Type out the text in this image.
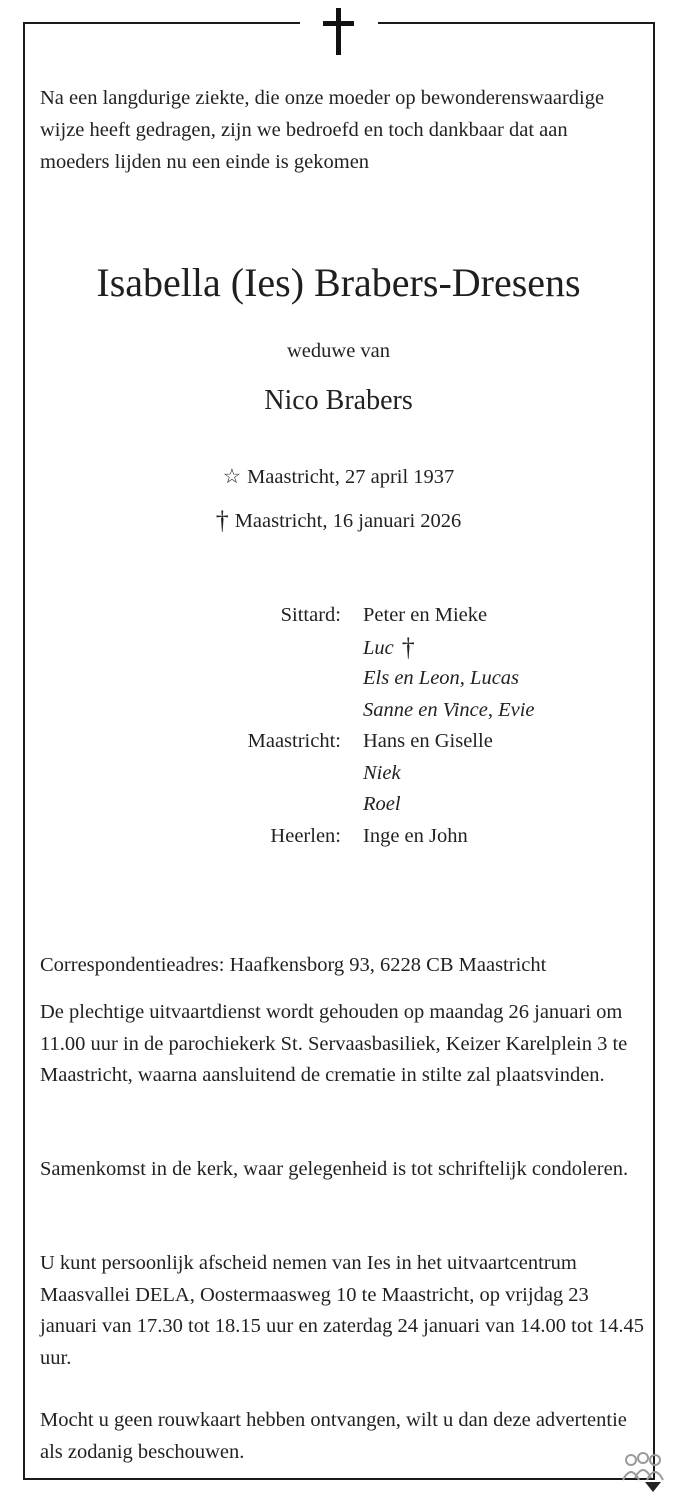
Na een langdurige ziekte, die onze moeder op bewonderenswaardige wijze heeft gedragen, zijn we bedroefd en toch dankbaar dat aan moeders lijden nu een einde is gekomen
Isabella (Ies) Brabers-Dresens
weduwe van
Nico Brabers
☆ Maastricht, 27 april 1937
† Maastricht, 16 januari 2026
Sittard:	Peter en Mieke
Luc †
Els en Leon, Lucas
Sanne en Vince, Evie
Maastricht:	Hans en Giselle
Niek
Roel
Heerlen:	Inge en John
Correspondentieadres: Haafkensborg 93, 6228 CB Maastricht
De plechtige uitvaartdienst wordt gehouden op maandag 26 januari om 11.00 uur in de parochiekerk St. Servaasbasiliek, Keizer Karelplein 3 te Maastricht, waarna aansluitend de crematie in stilte zal plaatsvinden.
Samenkomst in de kerk, waar gelegenheid is tot schriftelijk condoleren.
U kunt persoonlijk afscheid nemen van Ies in het uitvaartcentrum Maasvallei DELA, Oostermaasweg 10 te Maastricht, op vrijdag 23 januari van 17.30 tot 18.15 uur en zaterdag 24 januari van 14.00 tot 14.45 uur.
Mocht u geen rouwkaart hebben ontvangen, wilt u dan deze advertentie als zodanig beschouwen.
